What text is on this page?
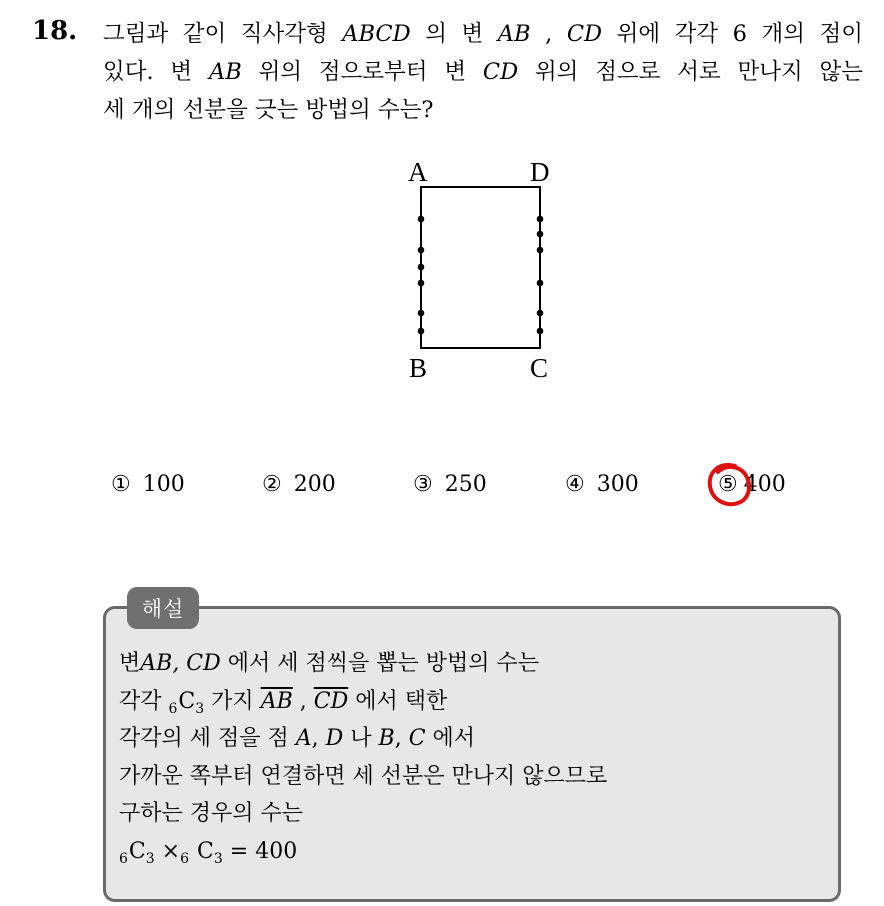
18. 그림과 같이 직사각형 ABCD 의 변 AB , CD 위에 각각 6 개의 점이
있다. 변 AB 위의 점으로부터 변 CD 위의 점으로 서로 만나지 않는
세 개의 선분을 긋는 방법의 수는?
A	D
B	C
① 100	② 200	③ 250	④ 300	⑤ 400
해설
변AB, CD 에서 세 점씩을 뽑는 방법의 수는
각각 $_6C_3$ 가지 $\overline{AB}$ , $\overline{CD}$ 에서 택한
각각의 세 점을 점 A, D 나 B, C 에서
가까운 쪽부터 연결하면 세 선분은 만나지 않으므로
구하는 경우의 수는
$_6C_3 \times_6$ $C_3 = 400$
